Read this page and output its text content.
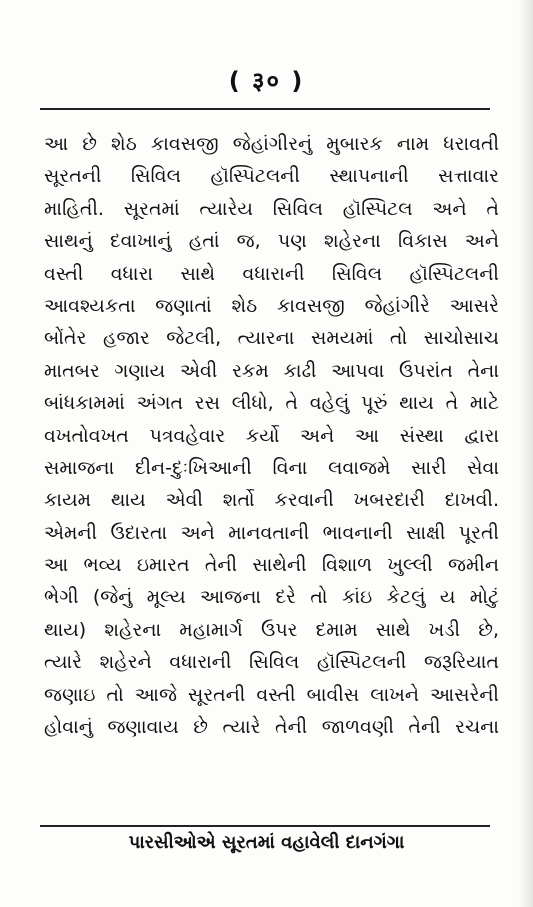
( ३० )
આ છે શેઠ કાવસજી જેહાંગીરનું મુબારક નામ ધરાવતી
સૂરતની સિવિલ હૉસ્પિટલની સ્થાપનાની સત્તાવાર
માહિતી. સૂરતમાં ત્યારેય સિવિલ હૉસ્પિટલ અને તે
સાથનું દવાખાનું હતાં જ, પણ શહેરના વિકાસ અને
વસ્તી વધારા સાથે વધારાની સિવિલ હૉસ્પિટલની
આવશ્યકતા જણાતાં શેઠ કાવસજી જેહાંગીરે આસરે
બોંતેર હજાર જેટલી, ત્યારના સમયમાં તો સાચોસાચ
માતબર ગણાય એવી રકમ કાઢી આપવા ઉપરાંત તેના
બાંધકામમાં અંગત રસ લીધો, તે વહેલું પૂરું થાય તે માટે
વખતોવખત પત્રવહેવાર કર્યો અને આ સંસ્થા દ્વારા
સમાજના દીન-દુઃખિઆની વિના લવાજમે સારી સેવા
કાયમ થાય એવી શર્તો કરવાની ખબરદારી દાખવી.
એમની ઉદારતા અને માનવતાની ભાવનાની સાક્ષી પૂરતી
આ ભવ્ય ઇમારત તેની સાથેની વિશાળ ખુલ્લી જમીન
ભેગી (જેનું મૂલ્ય આજના દરે તો કાંઇ કેટલું ય મોટું
થાય) શહેરના મહામાર્ગ ઉપર દમામ સાથે ખડી છે,
ત્યારે શહેરને વધારાની સિવિલ હૉસ્પિટલની જરૂરિયાત
જણાઇ તો આજે સૂરતની વસ્તી બાવીસ લાખને આસરેની
હોવાનું જણાવાય છે ત્યારે તેની જાળવણી તેની રચના
પારસીઓએ સૂરતમાં વહાવેલી દાનગંગા
